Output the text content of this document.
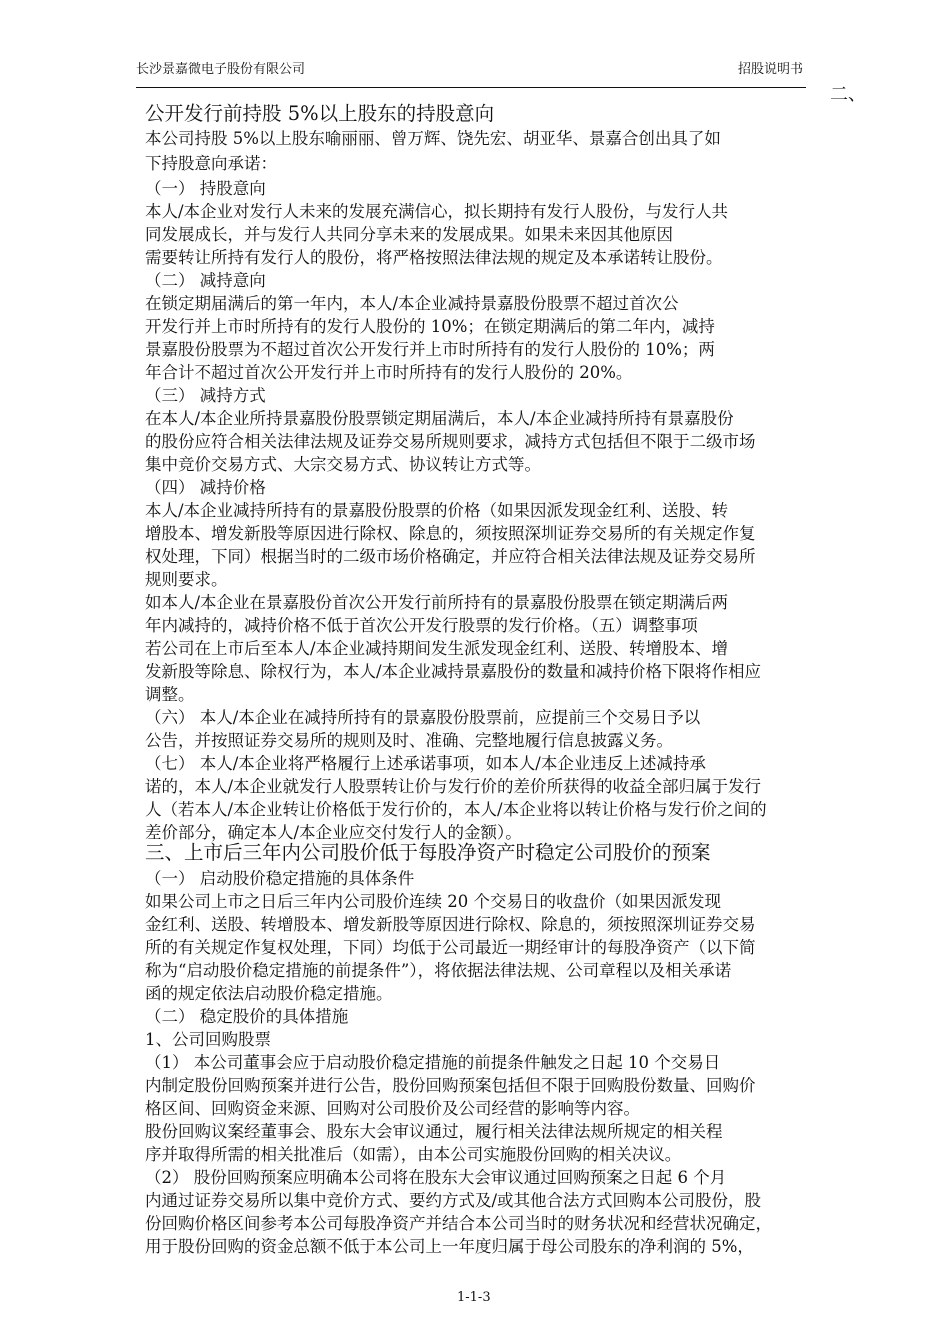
长沙景嘉微电子股份有限公司	招股说明书
二、
公开发行前持股 5%以上股东的持股意向
本公司持股 5%以上股东喻丽丽、曾万辉、饶先宏、胡亚华、景嘉合创出具了如
下持股意向承诺：
（一） 持股意向
本人/本企业对发行人未来的发展充满信心，拟长期持有发行人股份，与发行人共
同发展成长，并与发行人共同分享未来的发展成果。如果未来因其他原因
需要转让所持有发行人的股份，将严格按照法律法规的规定及本承诺转让股份。
（二） 减持意向
在锁定期届满后的第一年内，本人/本企业减持景嘉股份股票不超过首次公
开发行并上市时所持有的发行人股份的 10%；在锁定期满后的第二年内，减持
景嘉股份股票为不超过首次公开发行并上市时所持有的发行人股份的 10%；两
年合计不超过首次公开发行并上市时所持有的发行人股份的 20%。
（三） 减持方式
在本人/本企业所持景嘉股份股票锁定期届满后，本人/本企业减持所持有景嘉股份
的股份应符合相关法律法规及证券交易所规则要求，减持方式包括但不限于二级市场
集中竞价交易方式、大宗交易方式、协议转让方式等。
（四） 减持价格
本人/本企业减持所持有的景嘉股份股票的价格（如果因派发现金红利、送股、转
增股本、增发新股等原因进行除权、除息的，须按照深圳证券交易所的有关规定作复
权处理，下同）根据当时的二级市场价格确定，并应符合相关法律法规及证券交易所
规则要求。
如本人/本企业在景嘉股份首次公开发行前所持有的景嘉股份股票在锁定期满后两
年内减持的，减持价格不低于首次公开发行股票的发行价格。（五）调整事项
若公司在上市后至本人/本企业减持期间发生派发现金红利、送股、转增股本、增
发新股等除息、除权行为，本人/本企业减持景嘉股份的数量和减持价格下限将作相应
调整。
（六） 本人/本企业在减持所持有的景嘉股份股票前，应提前三个交易日予以
公告，并按照证券交易所的规则及时、准确、完整地履行信息披露义务。
（七） 本人/本企业将严格履行上述承诺事项，如本人/本企业违反上述减持承
诺的，本人/本企业就发行人股票转让价与发行价的差价所获得的收益全部归属于发行
人（若本人/本企业转让价格低于发行价的，本人/本企业将以转让价格与发行价之间的
差价部分，确定本人/本企业应交付发行人的金额）。
三、上市后三年内公司股价低于每股净资产时稳定公司股价的预案
（一） 启动股价稳定措施的具体条件
如果公司上市之日后三年内公司股价连续 20 个交易日的收盘价（如果因派发现
金红利、送股、转增股本、增发新股等原因进行除权、除息的，须按照深圳证券交易
所的有关规定作复权处理，下同）均低于公司最近一期经审计的每股净资产（以下简
称为“启动股价稳定措施的前提条件”），将依据法律法规、公司章程以及相关承诺
函的规定依法启动股价稳定措施。
（二） 稳定股价的具体措施
1、公司回购股票
（1） 本公司董事会应于启动股价稳定措施的前提条件触发之日起 10 个交易日
内制定股份回购预案并进行公告，股份回购预案包括但不限于回购股份数量、回购价
格区间、回购资金来源、回购对公司股价及公司经营的影响等内容。
股份回购议案经董事会、股东大会审议通过，履行相关法律法规所规定的相关程
序并取得所需的相关批准后（如需），由本公司实施股份回购的相关决议。
（2） 股份回购预案应明确本公司将在股东大会审议通过回购预案之日起 6 个月
内通过证券交易所以集中竞价方式、要约方式及/或其他合法方式回购本公司股份，股
份回购价格区间参考本公司每股净资产并结合本公司当时的财务状况和经营状况确定，
用于股份回购的资金总额不低于本公司上一年度归属于母公司股东的净利润的 5%，
1-1-3
